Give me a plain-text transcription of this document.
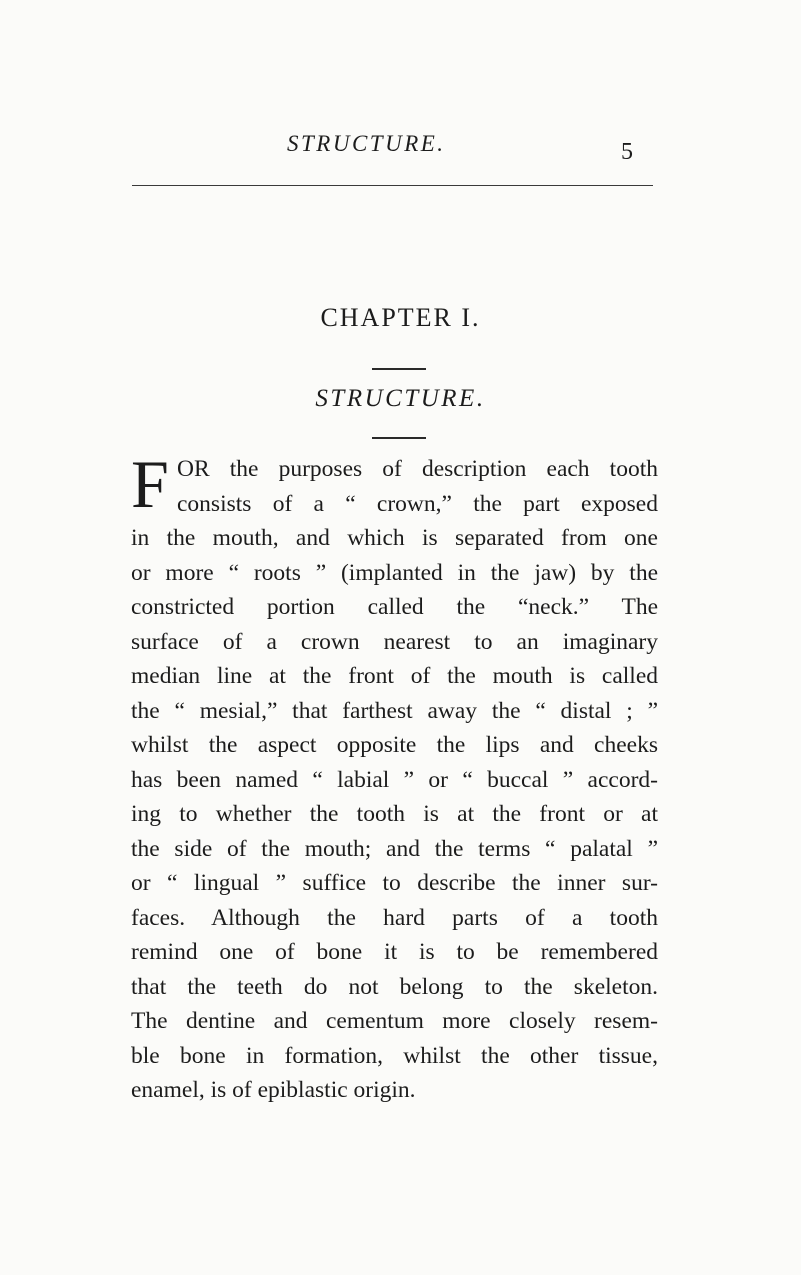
STRUCTURE.	5
CHAPTER I.
STRUCTURE.
F OR the purposes of description each tooth
consists of a “ crown,” the part exposed
in the mouth, and which is separated from one
or more “ roots ” (implanted in the jaw) by the
constricted portion called the “neck.” The
surface of a crown nearest to an imaginary
median line at the front of the mouth is called
the “ mesial,” that farthest away the “ distal ; ”
whilst the aspect opposite the lips and cheeks
has been named “ labial ” or “ buccal ” accord-
ing to whether the tooth is at the front or at
the side of the mouth; and the terms “ palatal ”
or “ lingual ” suffice to describe the inner sur-
faces. Although the hard parts of a tooth
remind one of bone it is to be remembered
that the teeth do not belong to the skeleton.
The dentine and cementum more closely resem-
ble bone in formation, whilst the other tissue,
enamel, is of epiblastic origin.
